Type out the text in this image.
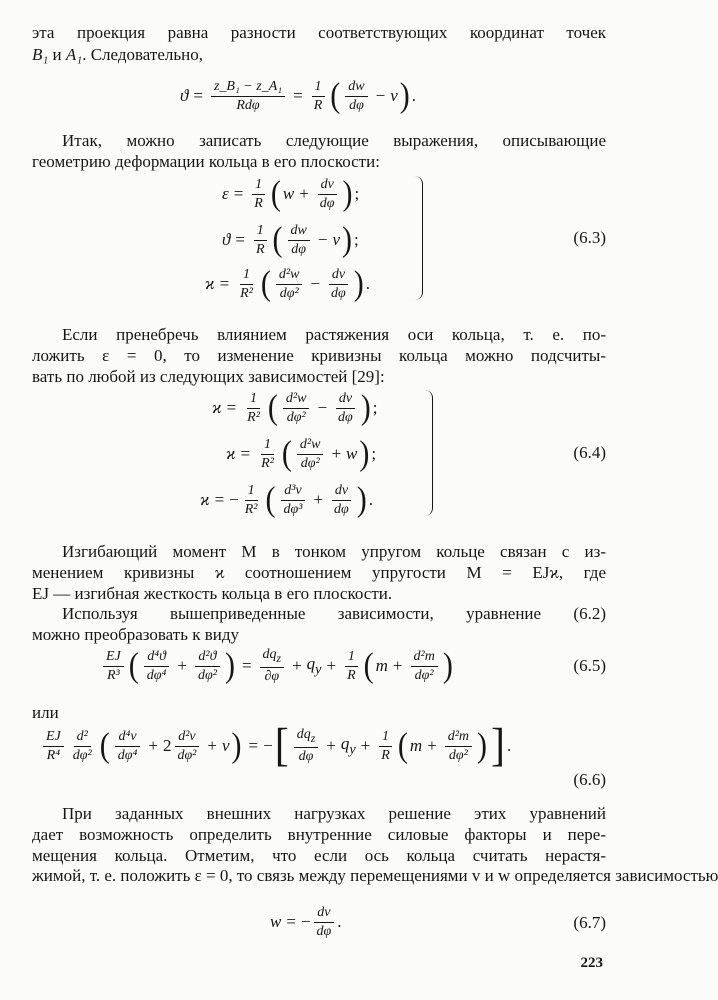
эта проекция равна разности соответствующих координат точек
B₁ и A₁. Следовательно,
ϑ = z_B₁ − z_A₁
$Rd\varphi = \frac{1}{R}$ ( dw
dφ − v ) .
Итак, можно записать следующие выражения, описывающие
геометрию деформации кольца в его плоскости:
$\varepsilon = \frac{1}{R}$ ( $w + \frac{dv}{d\varphi}$ ) ;
$ϑ = \frac{1}{R}$ ( dw
dφ − v ) ;
$ϰ = \frac{1}{\text{R²}}$ ( d²w
$d\varphi^2 - \frac{dv}{d\varphi}$ ) .
(6.3)
Если пренебречь влиянием растяжения оси кольца, т. е. по-
ложить ε = 0, то изменение кривизны кольца можно подсчиты-
вать по любой из следующих зависимостей [29]:
$ϰ = \frac{1}{\text{R²}}$ ( d²w
$d\varphi^2 - \frac{dv}{d\varphi}$ ) ;
$ϰ = \frac{1}{\text{R²}}$ ( d²w
dφ² + w ) ;
ϰ = − $\frac{1}{\text{R²}}$ ( d³v
$d\varphi^3 + \frac{dv}{d\varphi}$ ) .
(6.4)
Изгибающий момент M в тонком упругом кольце связан с из-
менением кривизны ϰ соотношением упругости M = EJϰ, где
EJ — изгибная жесткость кольца в его плоскости.
Используя вышеприведенные зависимости, уравнение (6.2)
можно преобразовать к виду
EJ
R³ ( d⁴ϑ
$d\varphi^4 + \frac{\text{d²ϑ}}{\text{dφ²}}$ ) =
$dq_z$
∂φ
+ $q_y + \frac{1}{R}$ ( $m + \frac{\text{d²m}}{\text{dφ²}}$ )	(6.5)
или
EJ
R⁴
d²
dφ² ( d⁴v
dφ⁴ + 2 d²v
dφ² + v ) = − [ $dq_z$
dφ
+ $q_y + \frac{1}{R}$ ( $m + \frac{\text{d²m}}{\text{dφ²}}$ ) ] .
(6.6)
При заданных внешних нагрузках решение этих уравнений
дает возможность определить внутренние силовые факторы и пере-
мещения кольца. Отметим, что если ось кольца считать нерастя-
жимой, т. е. положить ε = 0, то связь между перемещениями v и w определяется зависимостью
w = − $\frac{dv}{d\varphi}$ .	(6.7)
223
